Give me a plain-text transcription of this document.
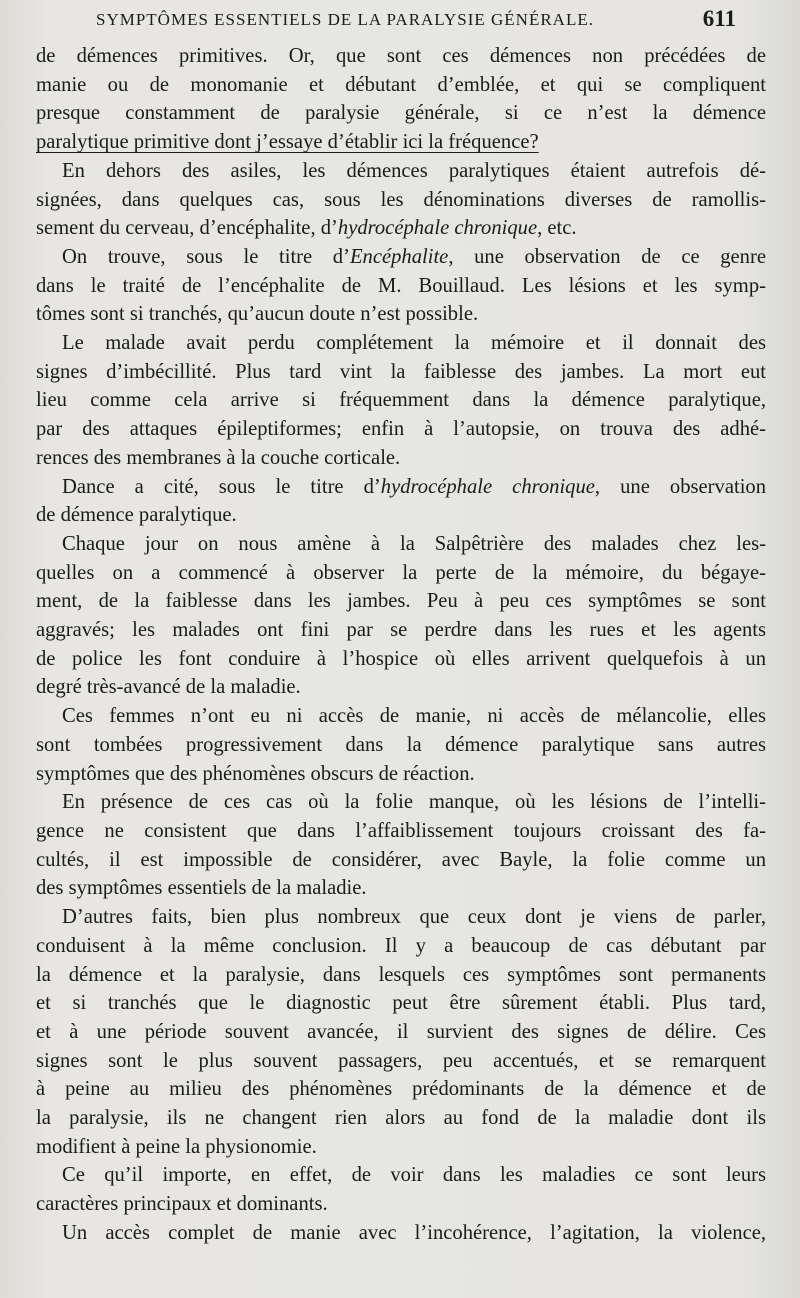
SYMPTÔMES ESSENTIELS DE LA PARALYSIE GÉNÉRALE.	611

de démences primitives. Or, que sont ces démences non précédées de
manie ou de monomanie et débutant d’emblée, et qui se compliquent
presque constamment de paralysie générale, si ce n’est la démence
paralytique primitive dont j’essaye d’établir ici la fréquence?

En dehors des asiles, les démences paralytiques étaient autrefois dé-
signées, dans quelques cas, sous les dénominations diverses de ramollis-
sement du cerveau, d’encéphalite, d’hydrocéphale chronique, etc.

On trouve, sous le titre d’Encéphalite, une observation de ce genre
dans le traité de l’encéphalite de M. Bouillaud. Les lésions et les symp-
tômes sont si tranchés, qu’aucun doute n’est possible.

Le malade avait perdu complétement la mémoire et il donnait des
signes d’imbécillité. Plus tard vint la faiblesse des jambes. La mort eut
lieu comme cela arrive si fréquemment dans la démence paralytique,
par des attaques épileptiformes; enfin à l’autopsie, on trouva des adhé-
rences des membranes à la couche corticale.

Dance a cité, sous le titre d’hydrocéphale chronique, une observation
de démence paralytique.

Chaque jour on nous amène à la Salpêtrière des malades chez les-
quelles on a commencé à observer la perte de la mémoire, du bégaye-
ment, de la faiblesse dans les jambes. Peu à peu ces symptômes se sont
aggravés; les malades ont fini par se perdre dans les rues et les agents
de police les font conduire à l’hospice où elles arrivent quelquefois à un
degré très-avancé de la maladie.

Ces femmes n’ont eu ni accès de manie, ni accès de mélancolie, elles
sont tombées progressivement dans la démence paralytique sans autres
symptômes que des phénomènes obscurs de réaction.

En présence de ces cas où la folie manque, où les lésions de l’intelli-
gence ne consistent que dans l’affaiblissement toujours croissant des fa-
cultés, il est impossible de considérer, avec Bayle, la folie comme un
des symptômes essentiels de la maladie.

D’autres faits, bien plus nombreux que ceux dont je viens de parler,
conduisent à la même conclusion. Il y a beaucoup de cas débutant par
la démence et la paralysie, dans lesquels ces symptômes sont permanents
et si tranchés que le diagnostic peut être sûrement établi. Plus tard,
et à une période souvent avancée, il survient des signes de délire. Ces
signes sont le plus souvent passagers, peu accentués, et se remarquent
à peine au milieu des phénomènes prédominants de la démence et de
la paralysie, ils ne changent rien alors au fond de la maladie dont ils
modifient à peine la physionomie.

Ce qu’il importe, en effet, de voir dans les maladies ce sont leurs
caractères principaux et dominants.

Un accès complet de manie avec l’incohérence, l’agitation, la violence,
